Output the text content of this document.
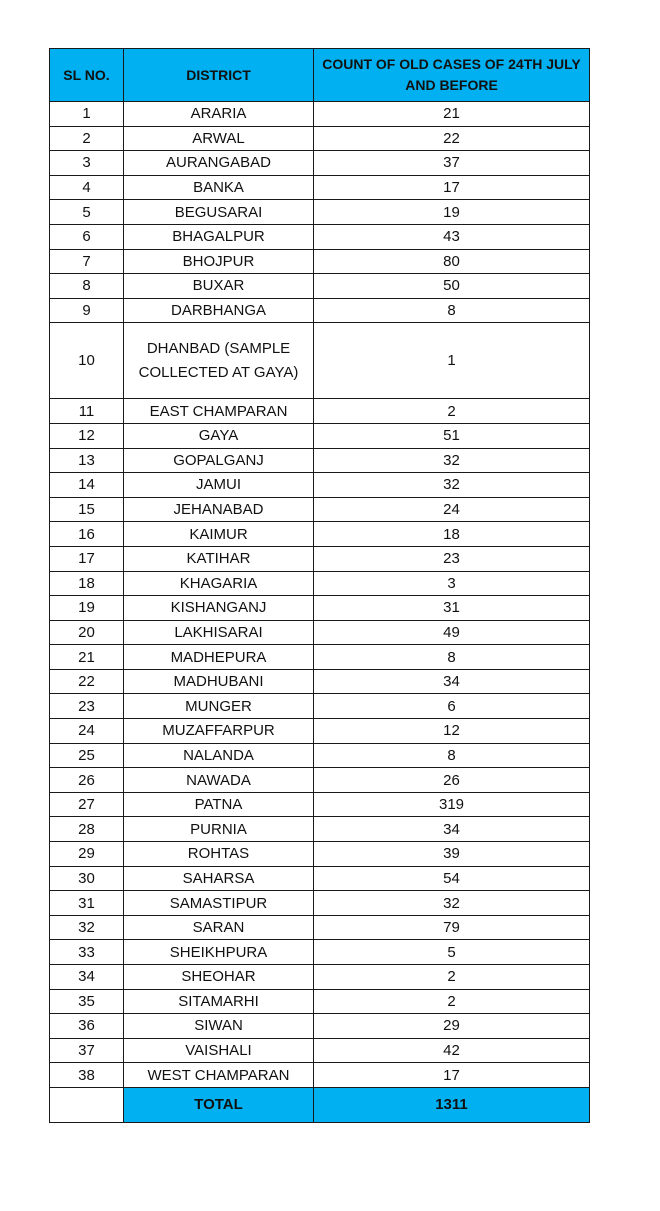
SL NO.	DISTRICT	COUNT OF OLD CASES OF 24TH JULY AND BEFORE
1	ARARIA	21
2	ARWAL	22
3	AURANGABAD	37
4	BANKA	17
5	BEGUSARAI	19
6	BHAGALPUR	43
7	BHOJPUR	80
8	BUXAR	50
9	DARBHANGA	8
10	DHANBAD (SAMPLE COLLECTED AT GAYA)	1
11	EAST CHAMPARAN	2
12	GAYA	51
13	GOPALGANJ	32
14	JAMUI	32
15	JEHANABAD	24
16	KAIMUR	18
17	KATIHAR	23
18	KHAGARIA	3
19	KISHANGANJ	31
20	LAKHISARAI	49
21	MADHEPURA	8
22	MADHUBANI	34
23	MUNGER	6
24	MUZAFFARPUR	12
25	NALANDA	8
26	NAWADA	26
27	PATNA	319
28	PURNIA	34
29	ROHTAS	39
30	SAHARSA	54
31	SAMASTIPUR	32
32	SARAN	79
33	SHEIKHPURA	5
34	SHEOHAR	2
35	SITAMARHI	2
36	SIWAN	29
37	VAISHALI	42
38	WEST CHAMPARAN	17
	TOTAL	1311
